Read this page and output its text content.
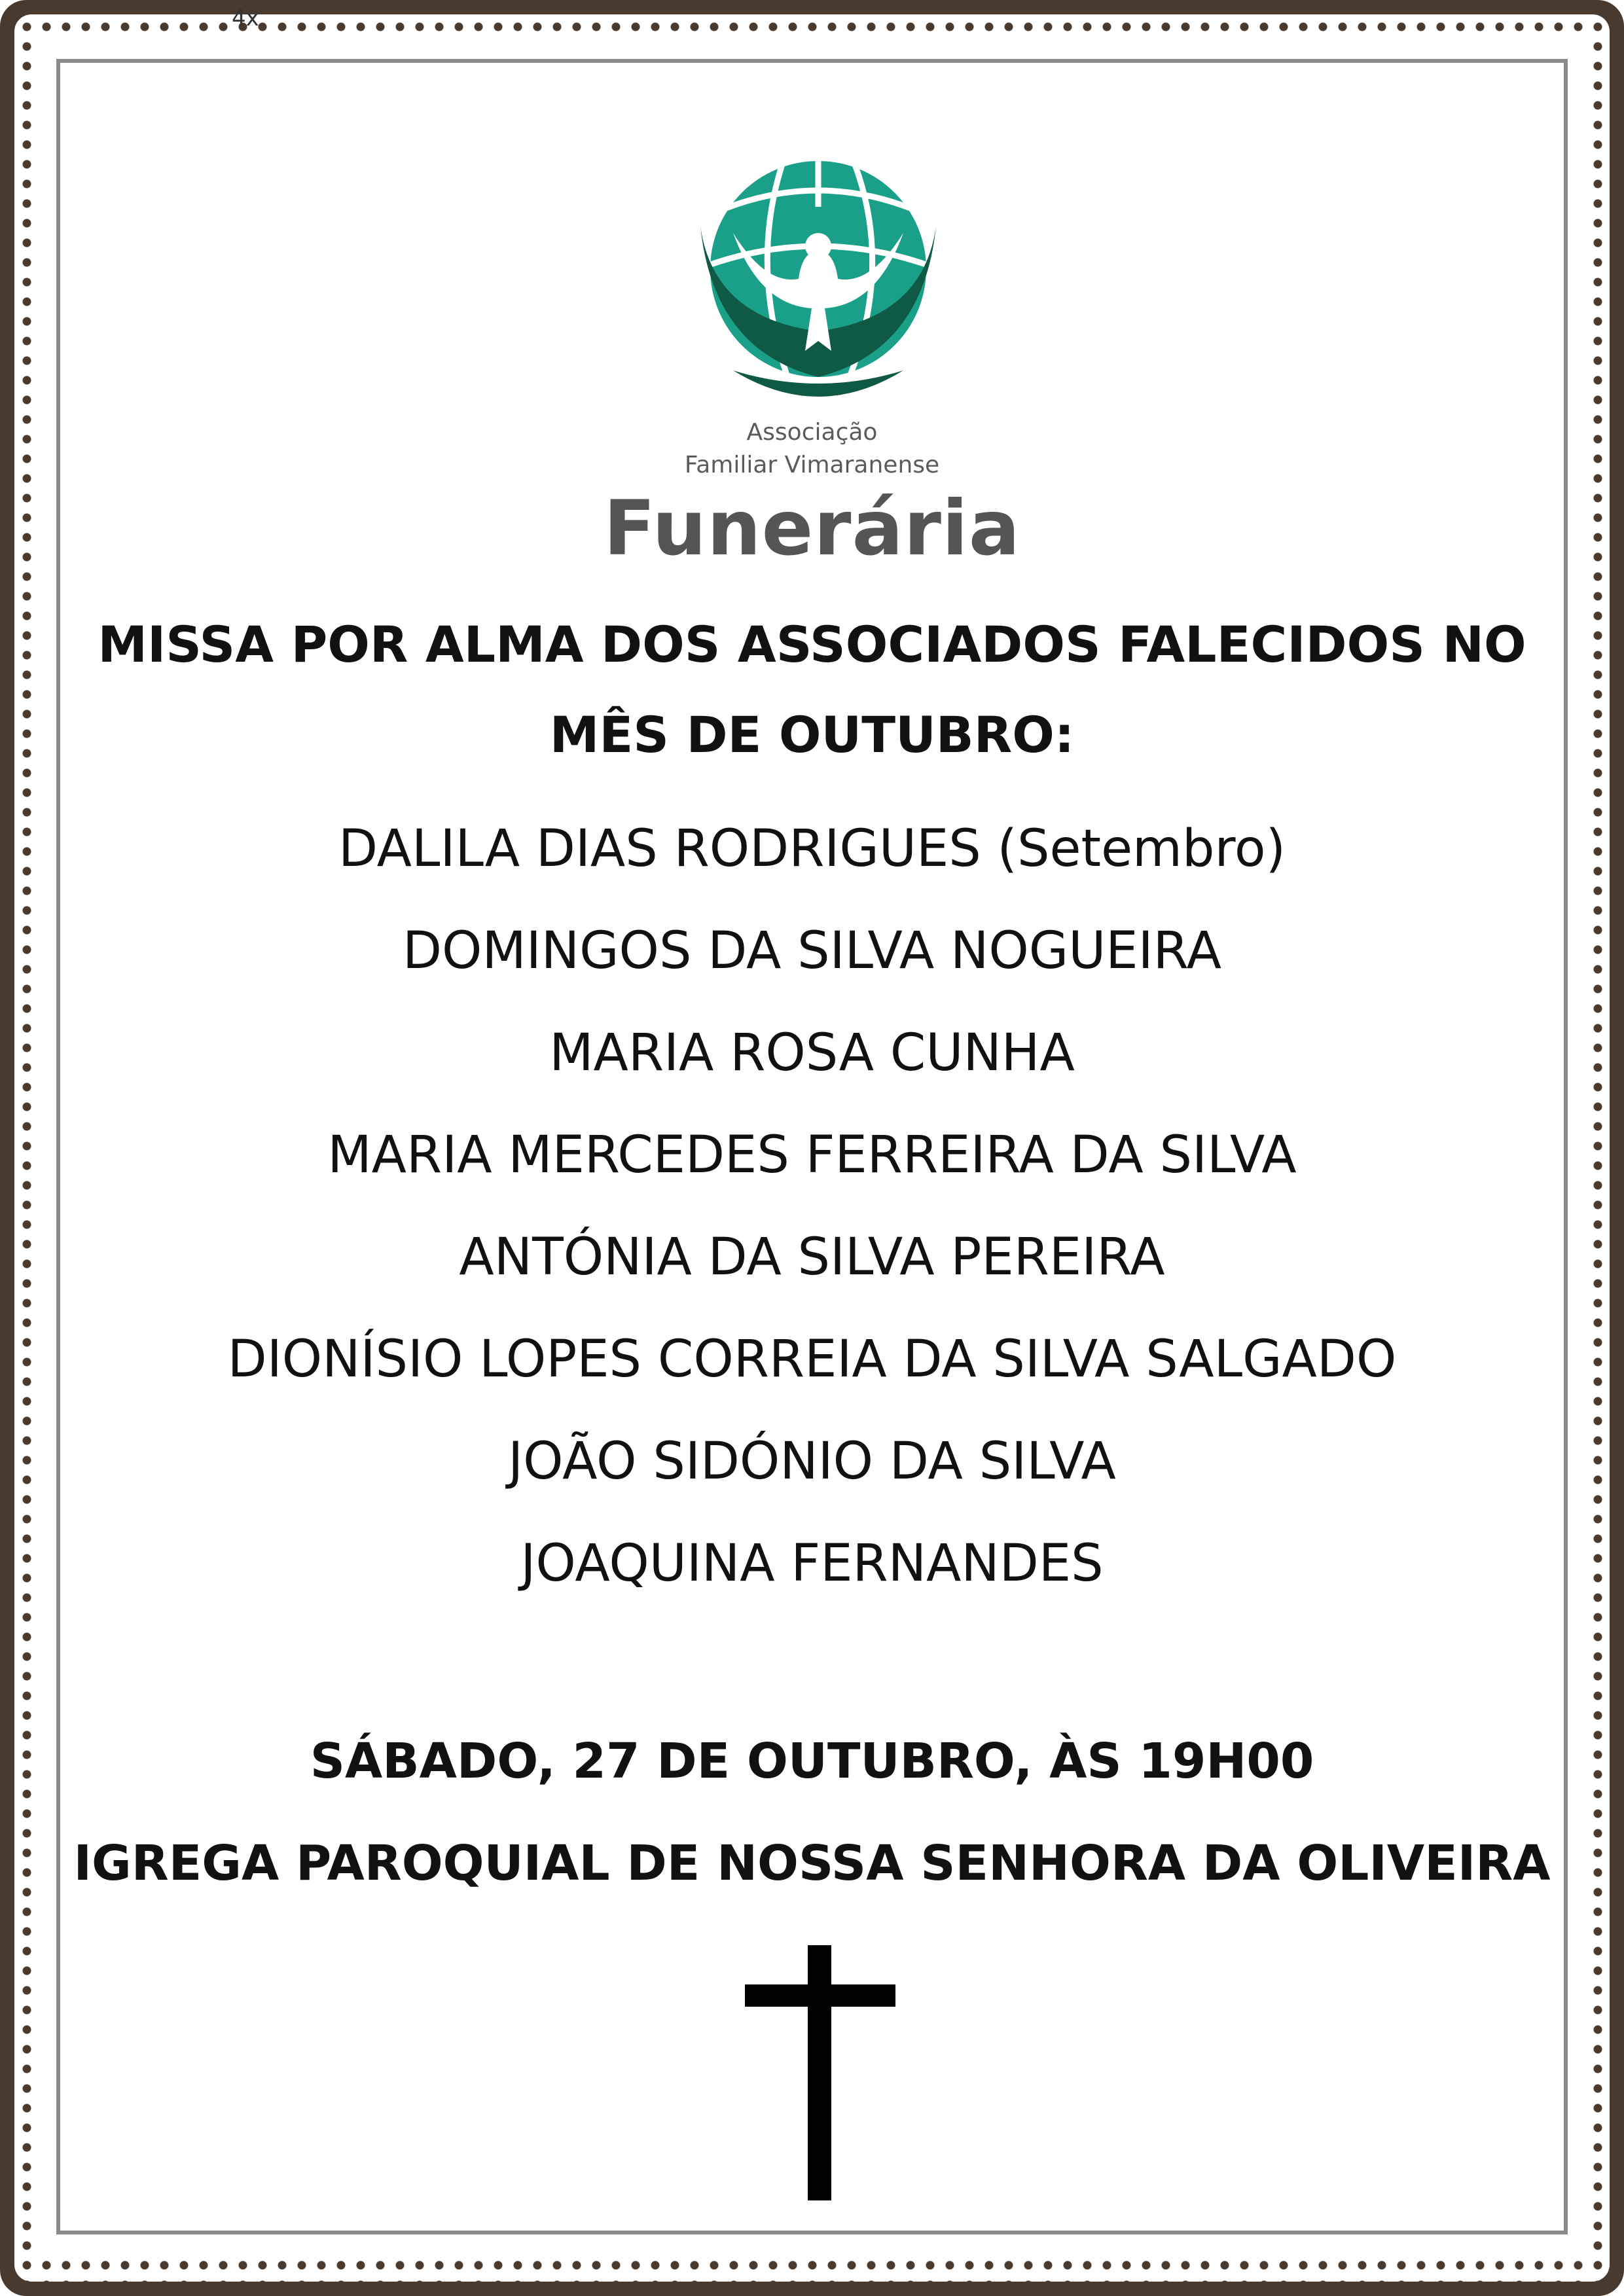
4x
Associação
Familiar Vimaranense
Funerária
MISSA POR ALMA DOS ASSOCIADOS FALECIDOS NO
MÊS DE OUTUBRO:
DALILA DIAS RODRIGUES (Setembro)
DOMINGOS DA SILVA NOGUEIRA
MARIA ROSA CUNHA
MARIA MERCEDES FERREIRA DA SILVA
ANTÓNIA DA SILVA PEREIRA
DIONÍSIO LOPES CORREIA DA SILVA SALGADO
JOÃO SIDÓNIO DA SILVA
JOAQUINA FERNANDES
SÁBADO, 27 DE OUTUBRO, ÀS 19H00
IGREGA PAROQUIAL DE NOSSA SENHORA DA OLIVEIRA
